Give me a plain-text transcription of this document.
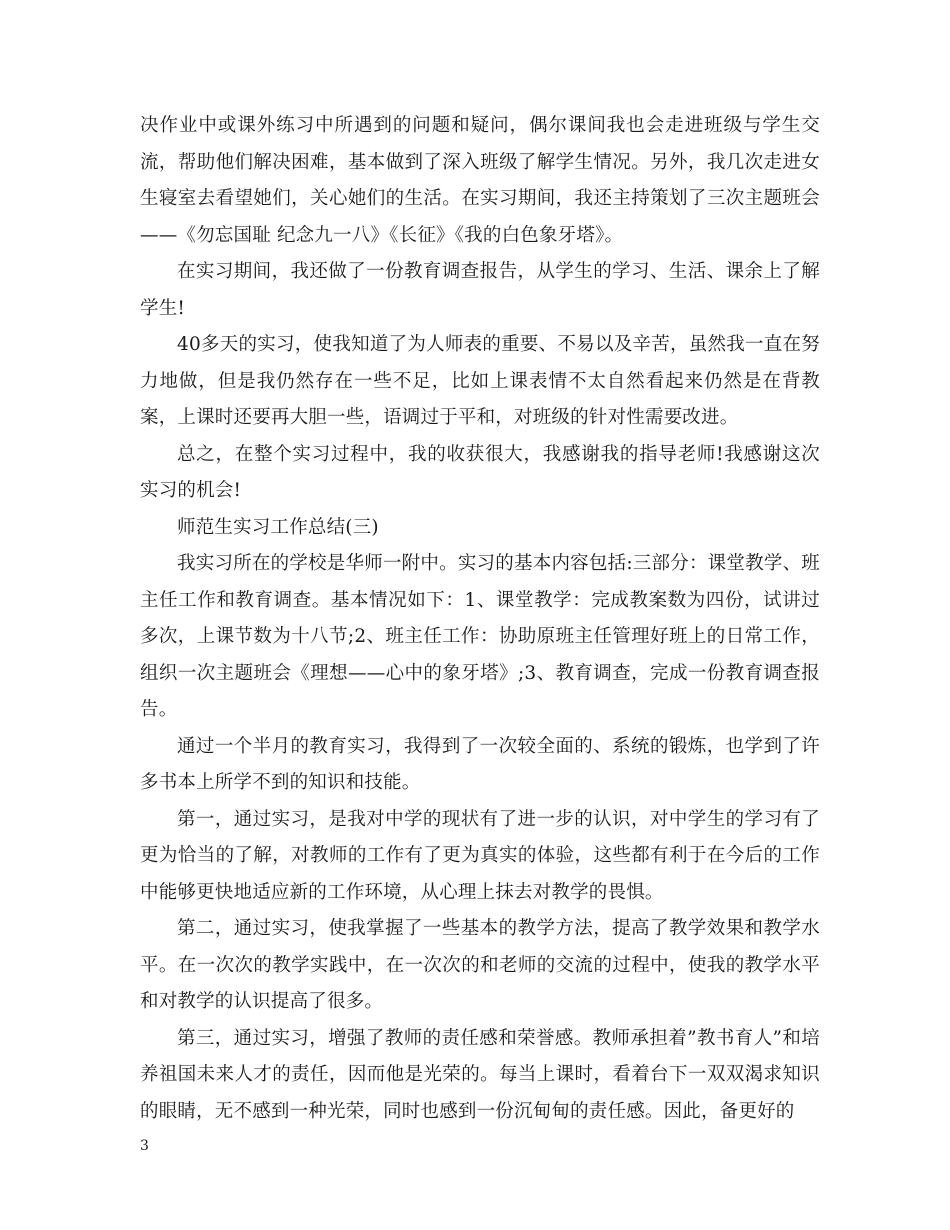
决作业中或课外练习中所遇到的问题和疑问，偶尔课间我也会走进班级与学生交流，帮助他们解决困难，基本做到了深入班级了解学生情况。另外，我几次走进女生寝室去看望她们，关心她们的生活。在实习期间，我还主持策划了三次主题班会——《勿忘国耻 纪念九一八》《长征》《我的白色象牙塔》。

在实习期间，我还做了一份教育调查报告，从学生的学习、生活、课余上了解学生!

40多天的实习，使我知道了为人师表的重要、不易以及辛苦，虽然我一直在努力地做，但是我仍然存在一些不足，比如上课表情不太自然看起来仍然是在背教案，上课时还要再大胆一些，语调过于平和，对班级的针对性需要改进。

总之，在整个实习过程中，我的收获很大，我感谢我的指导老师!我感谢这次实习的机会!

师范生实习工作总结(三)

我实习所在的学校是华师一附中。实习的基本内容包括:三部分：课堂教学、班主任工作和教育调查。基本情况如下：1、课堂教学：完成教案数为四份，试讲过多次，上课节数为十八节;2、班主任工作：协助原班主任管理好班上的日常工作，组织一次主题班会《理想——心中的象牙塔》;3、教育调查，完成一份教育调查报告。

通过一个半月的教育实习，我得到了一次较全面的、系统的锻炼，也学到了许多书本上所学不到的知识和技能。

第一，通过实习，是我对中学的现状有了进一步的认识，对中学生的学习有了更为恰当的了解，对教师的工作有了更为真实的体验，这些都有利于在今后的工作中能够更快地适应新的工作环境，从心理上抹去对教学的畏惧。

第二，通过实习，使我掌握了一些基本的教学方法，提高了教学效果和教学水平。在一次次的教学实践中，在一次次的和老师的交流的过程中，使我的教学水平和对教学的认识提高了很多。

第三，通过实习，增强了教师的责任感和荣誉感。教师承担着”教书育人”和培养祖国未来人才的责任，因而他是光荣的。每当上课时，看着台下一双双渴求知识的眼睛，无不感到一种光荣，同时也感到一份沉甸甸的责任感。因此，备更好的

3
